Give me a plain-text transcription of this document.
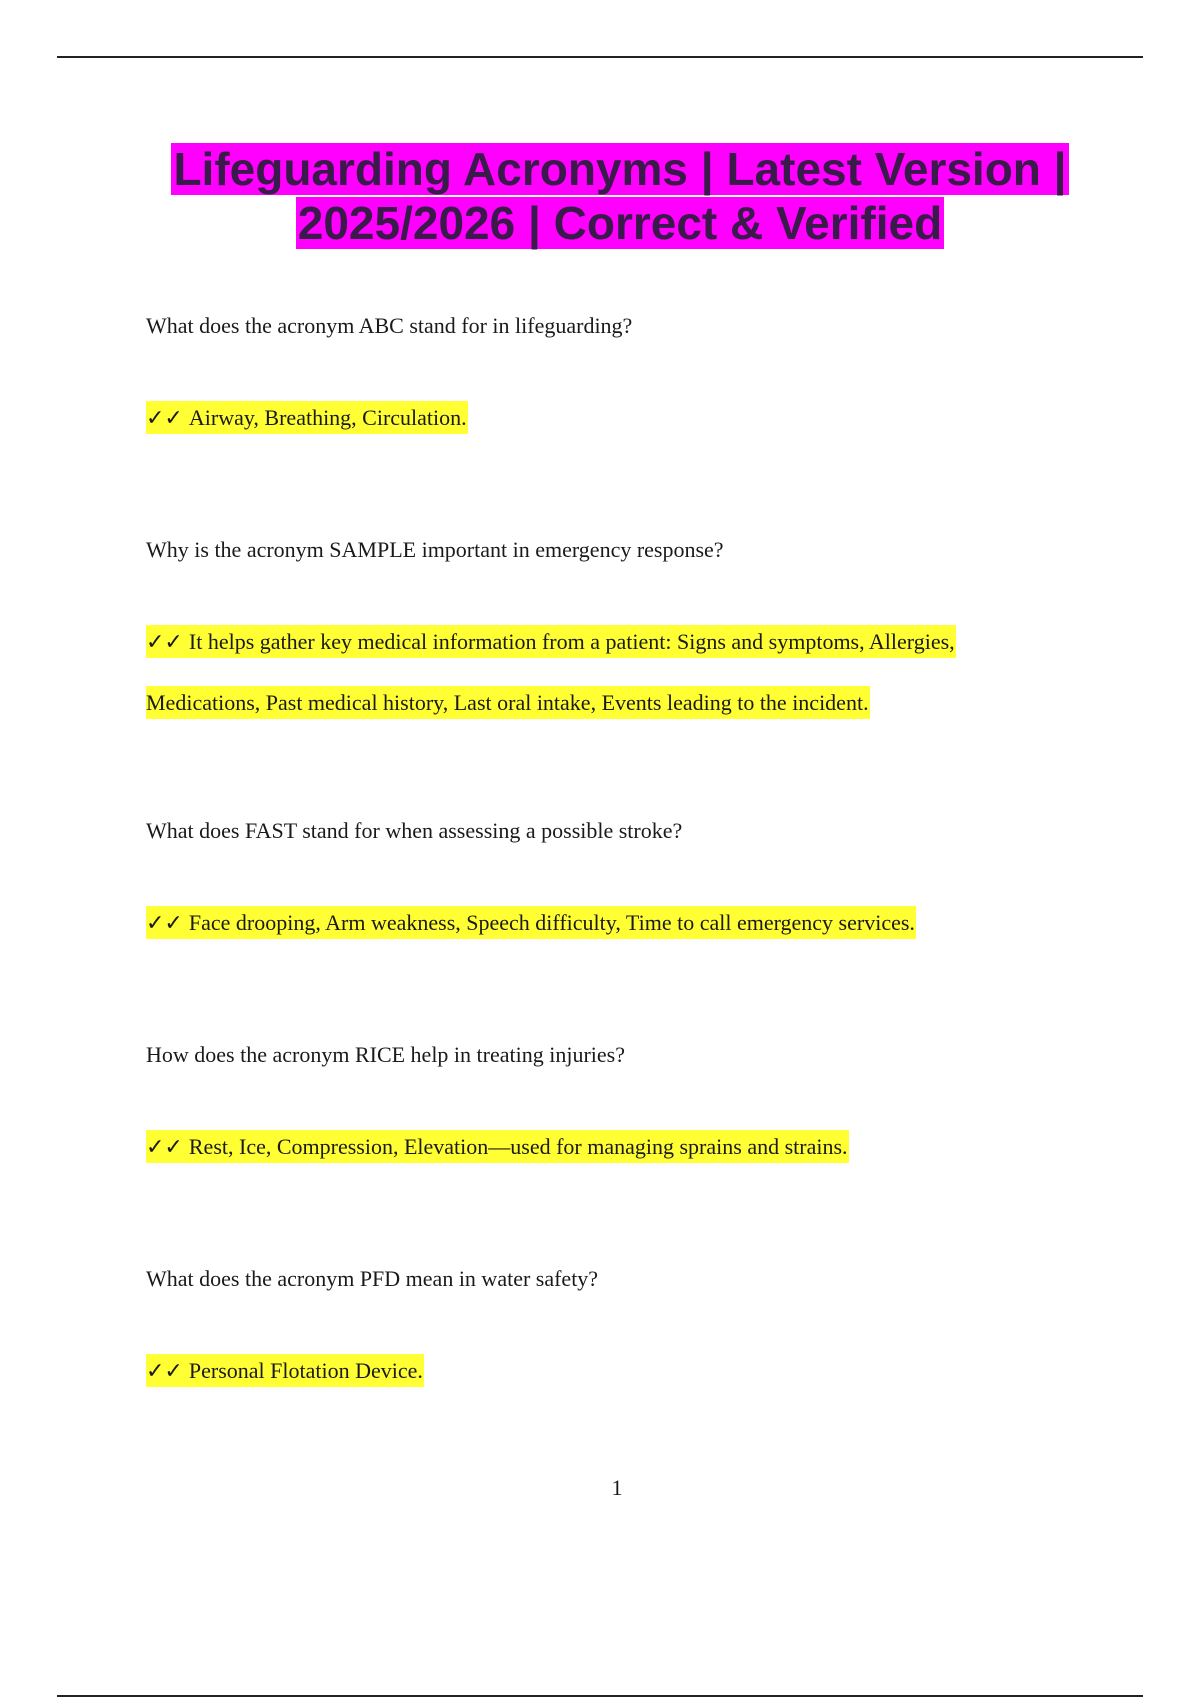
Lifeguarding Acronyms | Latest Version | 2025/2026 | Correct & Verified

What does the acronym ABC stand for in lifeguarding?

✓✓ Airway, Breathing, Circulation.

Why is the acronym SAMPLE important in emergency response?

✓✓ It helps gather key medical information from a patient: Signs and symptoms, Allergies, Medications, Past medical history, Last oral intake, Events leading to the incident.

What does FAST stand for when assessing a possible stroke?

✓✓ Face drooping, Arm weakness, Speech difficulty, Time to call emergency services.

How does the acronym RICE help in treating injuries?

✓✓ Rest, Ice, Compression, Elevation—used for managing sprains and strains.

What does the acronym PFD mean in water safety?

✓✓ Personal Flotation Device.

1
